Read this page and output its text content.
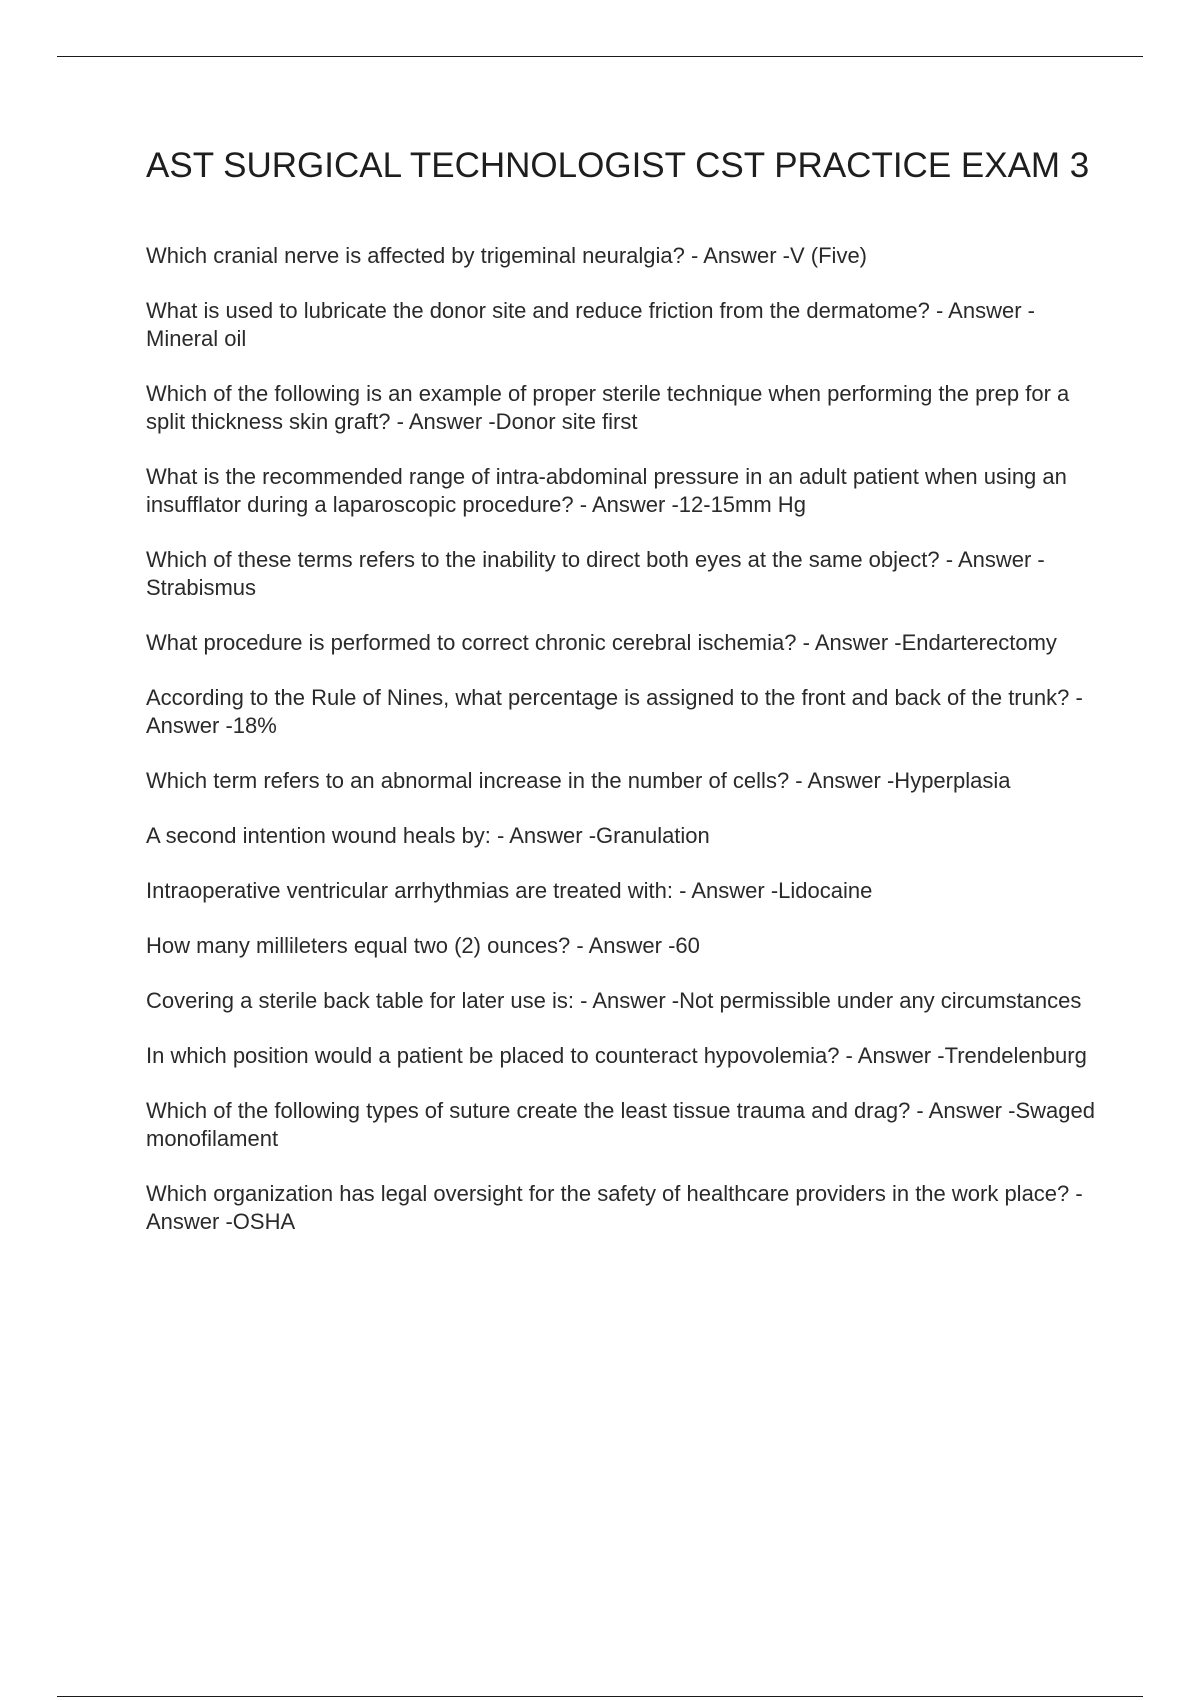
AST SURGICAL TECHNOLOGIST CST PRACTICE EXAM 3
Which cranial nerve is affected by trigeminal neuralgia? - Answer -V (Five)
What is used to lubricate the donor site and reduce friction from the dermatome? - Answer -Mineral oil
Which of the following is an example of proper sterile technique when performing the prep for a split thickness skin graft? - Answer -Donor site first
What is the recommended range of intra-abdominal pressure in an adult patient when using an insufflator during a laparoscopic procedure? - Answer -12-15mm Hg
Which of these terms refers to the inability to direct both eyes at the same object? - Answer -Strabismus
What procedure is performed to correct chronic cerebral ischemia? - Answer -Endarterectomy
According to the Rule of Nines, what percentage is assigned to the front and back of the trunk? - Answer -18%
Which term refers to an abnormal increase in the number of cells? - Answer -Hyperplasia
A second intention wound heals by: - Answer -Granulation
Intraoperative ventricular arrhythmias are treated with: - Answer -Lidocaine
How many millileters equal two (2) ounces? - Answer -60
Covering a sterile back table for later use is: - Answer -Not permissible under any circumstances
In which position would a patient be placed to counteract hypovolemia? - Answer -Trendelenburg
Which of the following types of suture create the least tissue trauma and drag? - Answer -Swaged monofilament
Which organization has legal oversight for the safety of healthcare providers in the work place? - Answer -OSHA
